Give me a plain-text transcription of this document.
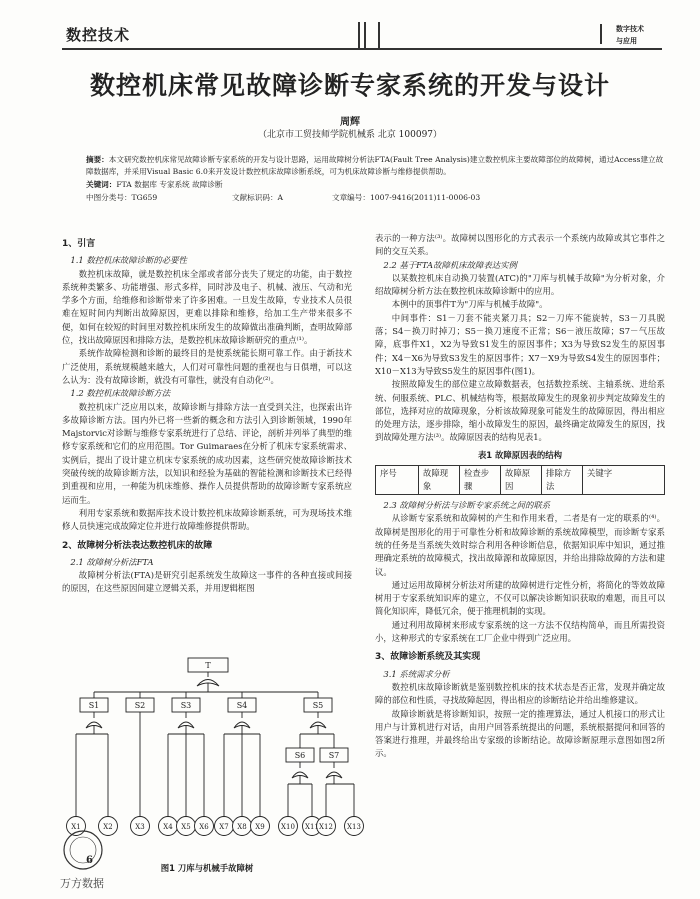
数控技术	数字技术
与应用
数控机床常见故障诊断专家系统的开发与设计
周辉
（北京市工贸技师学院机械系 北京 100097）
摘要：本文研究数控机床常见故障诊断专家系统的开发与设计思路，运用故障树分析法FTA(Fault Tree Analysis)建立数控机床主要故障部位的故障树，通过Access建立故障数据库，并采用Visual Basic 6.0来开发设计数控机床故障诊断系统，可为机床故障诊断与维修提供帮助。
关键词：FTA 数据库 专家系统 故障诊断
中图分类号：TG659	文献标识码：A	文章编号：1007-9416(2011)11-0006-03

1、引言

1.1 数控机床故障诊断的必要性

数控机床故障，就是数控机床全部或者部分丧失了规定的功能，由于数控系统种类繁多、功能增强、形式多样，同时涉及电子、机械、液压、气动和光学多个方面，给维修和诊断带来了许多困难。一旦发生故障，专业技术人员很难在短时间内判断出故障原因，更难以排除和维修，给加工生产带来很多不便，如何在较短的时间里对数控机床所发生的故障做出准确判断，查明故障部位，找出故障原因和排除方法，是数控机床故障诊断研究的重点⁽¹⁾。

系统作故障检测和诊断的最终目的是使系统能长期可靠工作。由于新技术广泛使用，系统规模越来越大，人们对可靠性问题的重视也与日俱增，可以这么认为：没有故障诊断，就没有可靠性，就没有自动化⁽²⁾。

1.2 数控机床故障诊断方法

数控机床广泛应用以来，故障诊断与排除方法一直受到关注，也探索出许多故障诊断方法。国内外已将一些新的概念和方法引入到诊断领域，1990年Majstorvic对诊断与维修专家系统进行了总结、评论，剖析并列举了典型的维修专家系统和它们的应用范围。Tor Guimaraes在分析了机床专家系统需求、实例后，提出了设计建立机床专家系统的成功因素，这些研究使故障诊断技术突破传统的故障诊断方法，以知识和经验为基础的智能检测和诊断技术已经得到重视和应用，一种能为机床维修、操作人员提供帮助的故障诊断专家系统应运而生。

利用专家系统和数据库技术设计数控机床故障诊断系统，可为现场技术维修人员快速完成故障定位并进行故障维修提供帮助。

2、故障树分析法表达数控机床的故障

2.1 故障树分析法FTA

故障树分析法(FTA)是研究引起系统发生故障这一事件的各种直接或间接的原因，在这些原因间建立逻辑关系，并用逻辑框图

表示的一种方法⁽³⁾。故障树以图形化的方式表示一个系统内故障或其它事件之间的交互关系。

2.2 基于FTA故障机床故障表达实例

以某数控机床自动换刀装置(ATC)的"刀库与机械手故障"为分析对象，介绍故障树分析方法在数控机床故障诊断中的应用。

本例中的顶事件T为"刀库与机械手故障"。

中间事件：S1－刀套不能夹紧刀具；S2－刀库不能旋转，S3－刀具脱落；S4－换刀时掉刀；S5－换刀速度不正常；S6－液压故障；S7－气压故障，底事件X1，X2为导致S1发生的原因事件；X3为导致S2发生的原因事件；X4－X6为导致S3发生的原因事件；X7－X9为导致S4发生的原因事件；X10－X13为导致S5发生的原因事件(图1)。

按照故障发生的部位建立故障数据表，包括数控系统、主轴系统、进给系统、伺服系统、PLC、机械结构等，根据故障发生的现象初步判定故障发生的部位，选择对应的故障现象，分析该故障现象可能发生的故障原因，得出相应的处理方法，逐步排除，缩小故障发生的原因，最终确定故障发生的原因，找到故障处理方法⁽³⁾。故障原因表的结构见表1。

表1 故障原因表的结构
序号	故障现象	检查步骤	故障原因	排除方法	关键字

2.3 故障树分析法与诊断专家系统之间的联系

从诊断专家系统和故障树的产生和作用来看，二者是有一定的联系的⁽⁴⁾。故障树是图形化的用于可靠性分析和故障诊断的系统故障模型，而诊断专家系统的任务是当系统失效时综合利用各种诊断信息，依据知识库中知识，通过推理确定系统的故障模式，找出故障源和故障原因，并给出排除故障的方法和建议。

通过运用故障树分析法对所建的故障树进行定性分析，将简化的等效故障树用于专家系统知识库的建立，不仅可以解决诊断知识获取的难题，而且可以简化知识库，降低冗余，便于推理机制的实现。

通过利用故障树来形成专家系统的这一方法不仅结构简单，而且所需投资小，这种形式的专家系统在工厂企业中得到广泛应用。

3、故障诊断系统及其实现

3.1 系统需求分析

数控机床故障诊断就是鉴别数控机床的技术状态是否正常，发现并确定故障的部位和性质，寻找故障起因，得出相应的诊断结论并给出维修建议。

故障诊断就是将诊断知识，按照一定的推理算法，通过人机接口的形式让用户与计算机进行对话，由用户回答系统提出的问题，系统根据提问和回答的答案进行推理，并最终给出专家级的诊断结论。故障诊断原理示意图如图2所示。

T
S1	S2	S3	S4	S5
S6	S7
X1	X2	X3	X4 X5 X6 X7 X8 X9 X10 X11 X12 X13
图1 刀库与机械手故障树
6
万方数据
